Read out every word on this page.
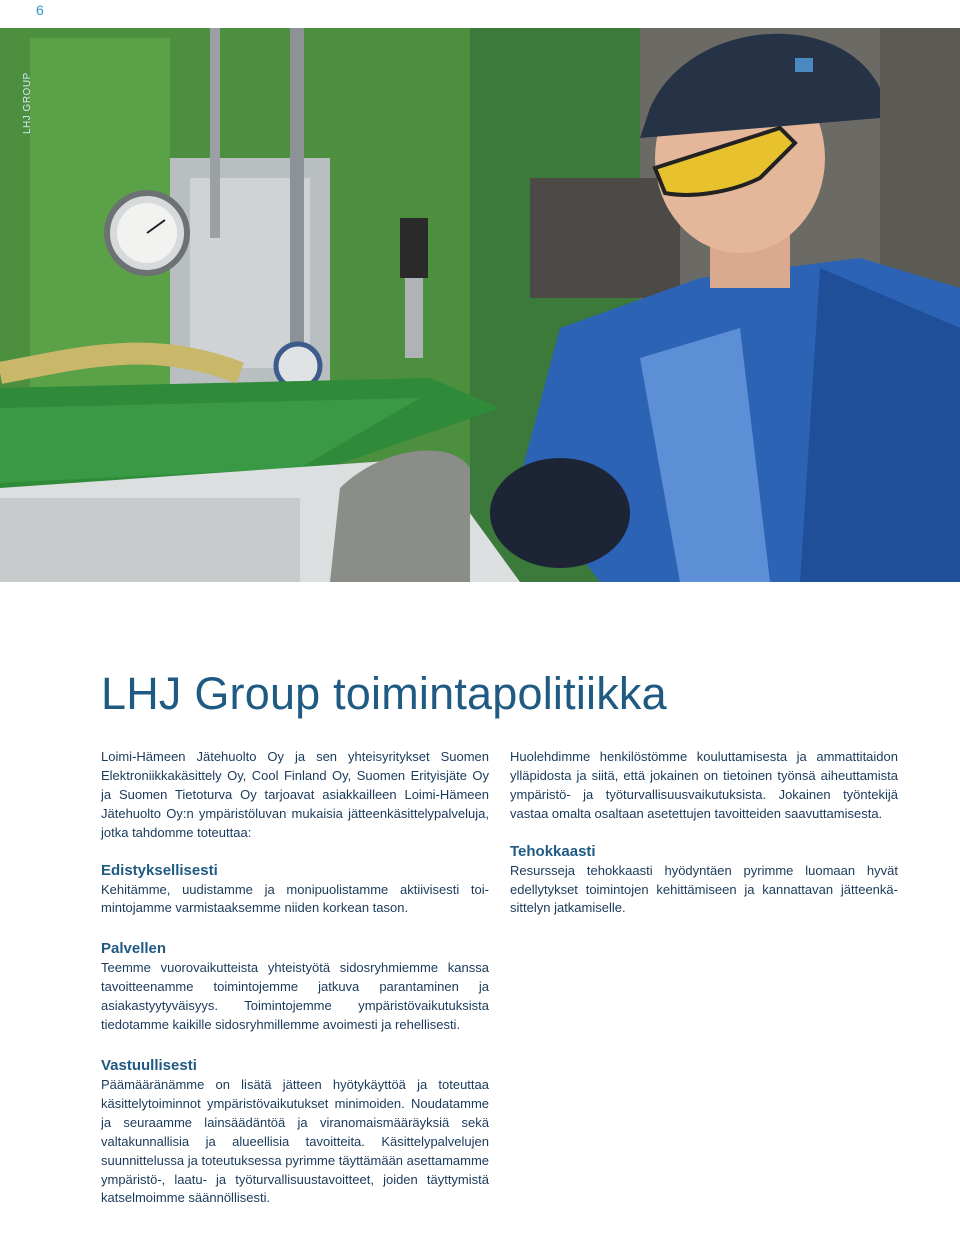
6
LHJ GROUP
LHJ Group toimintapolitiikka

Loimi-Hämeen Jätehuolto Oy ja sen yhteisyritykset Suomen Elektroniikkakäsittely Oy, Cool Finland Oy, Suomen Erityisjäte Oy ja Suomen Tietoturva Oy tarjoavat asiakkailleen Loimi-Hämeen Jätehuolto Oy:n ympäristöluvan mukaisia jätteenkäsittelypalveluja, jotka tahdomme toteuttaa:

Edistyksellisesti

Kehitämme, uudistamme ja monipuolistamme aktiivisesti toimintojamme varmistaaksemme niiden korkean tason.

Palvellen

Teemme vuorovaikutteista yhteistyötä sidosryhmiemme kanssa tavoitteenamme toimintojemme jatkuva parantaminen ja asiakastyytyväisyys. Toimintojemme ympäristövaikutuksista tiedotamme kaikille sidosryhmillemme avoimesti ja rehellisesti.

Vastuullisesti

Päämääränämme on lisätä jätteen hyötykäyttöä ja toteuttaa käsittelytoiminnot ympäristövaikutukset minimoiden. Noudatamme ja seuraamme lainsäädäntöä ja viranomaismääräyksiä sekä valtakunnallisia ja alueellisia tavoitteita. Käsittelypalvelujen suunnittelussa ja toteutuksessa pyrimme täyttämään asettamamme ympäristö-, laatu- ja työturvallisuustavoitteet, joiden täyttymistä katselmoimme säännöllisesti.

Huolehdimme henkilöstömme kouluttamisesta ja ammattitaidon ylläpidosta ja siitä, että jokainen on tietoinen työnsä aiheuttamista ympäristö- ja työturvallisuusvaikutuksista. Jokainen työntekijä vastaa omalta osaltaan asetettujen tavoitteiden saavuttamisesta.

Tehokkaasti

Resursseja tehokkaasti hyödyntäen pyrimme luomaan hyvät edellytykset toimintojen kehittämiseen ja kannattavan jätteenkäsittelyn jatkamiselle.
